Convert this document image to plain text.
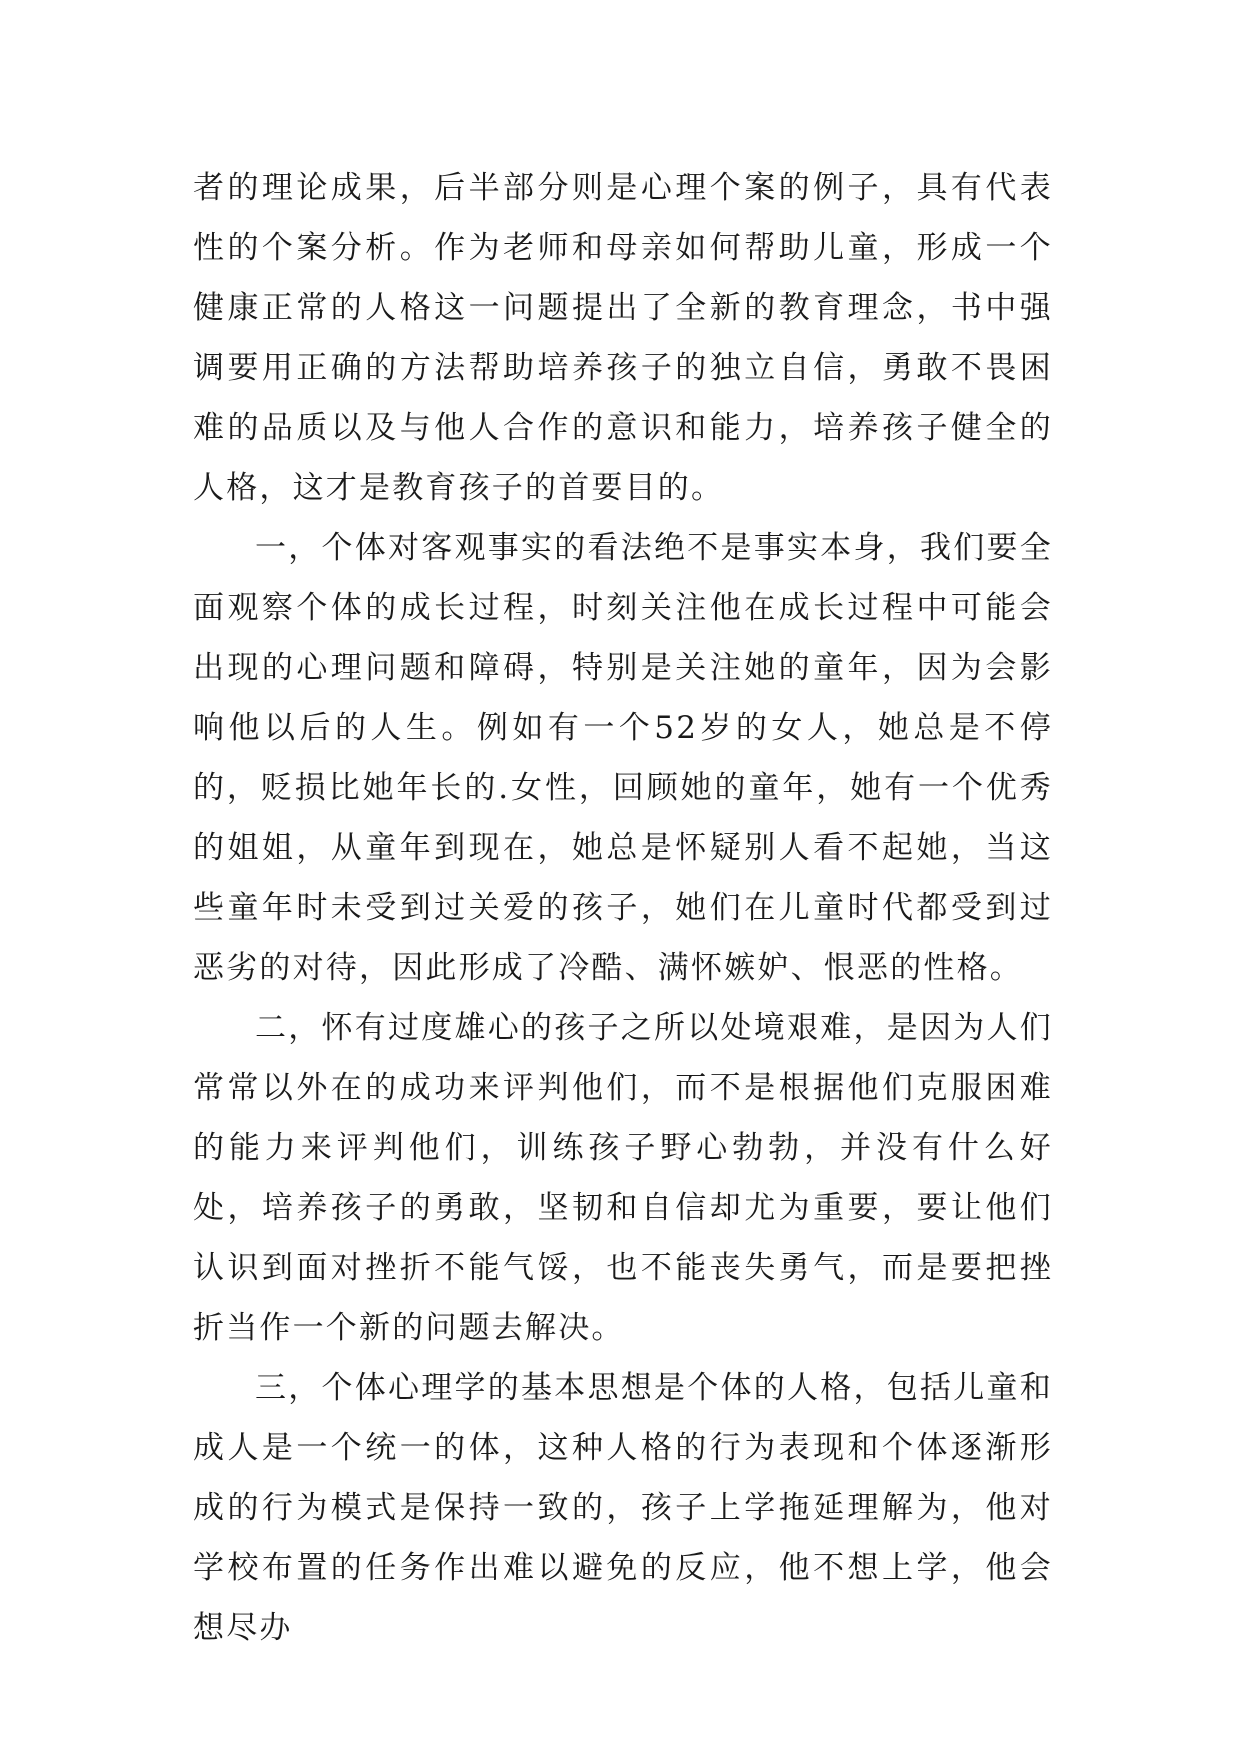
者的理论成果，后半部分则是心理个案的例子，具有代表性的个案分析。作为老师和母亲如何帮助儿童，形成一个健康正常的人格这一问题提出了全新的教育理念，书中强调要用正确的方法帮助培养孩子的独立自信，勇敢不畏困难的品质以及与他人合作的意识和能力，培养孩子健全的人格，这才是教育孩子的首要目的。

一，个体对客观事实的看法绝不是事实本身，我们要全面观察个体的成长过程，时刻关注他在成长过程中可能会出现的心理问题和障碍，特别是关注她的童年，因为会影响他以后的人生。例如有一个52岁的女人，她总是不停的，贬损比她年长的.女性，回顾她的童年，她有一个优秀的姐姐，从童年到现在，她总是怀疑别人看不起她，当这些童年时未受到过关爱的孩子，她们在儿童时代都受到过恶劣的对待，因此形成了冷酷、满怀嫉妒、恨恶的性格。

二，怀有过度雄心的孩子之所以处境艰难，是因为人们常常以外在的成功来评判他们，而不是根据他们克服困难的能力来评判他们，训练孩子野心勃勃，并没有什么好处，培养孩子的勇敢，坚韧和自信却尤为重要，要让他们认识到面对挫折不能气馁，也不能丧失勇气，而是要把挫折当作一个新的问题去解决。

三，个体心理学的基本思想是个体的人格，包括儿童和成人是一个统一的体，这种人格的行为表现和个体逐渐形成的行为模式是保持一致的，孩子上学拖延理解为，他对学校布置的任务作出难以避免的反应，他不想上学，他会想尽办
